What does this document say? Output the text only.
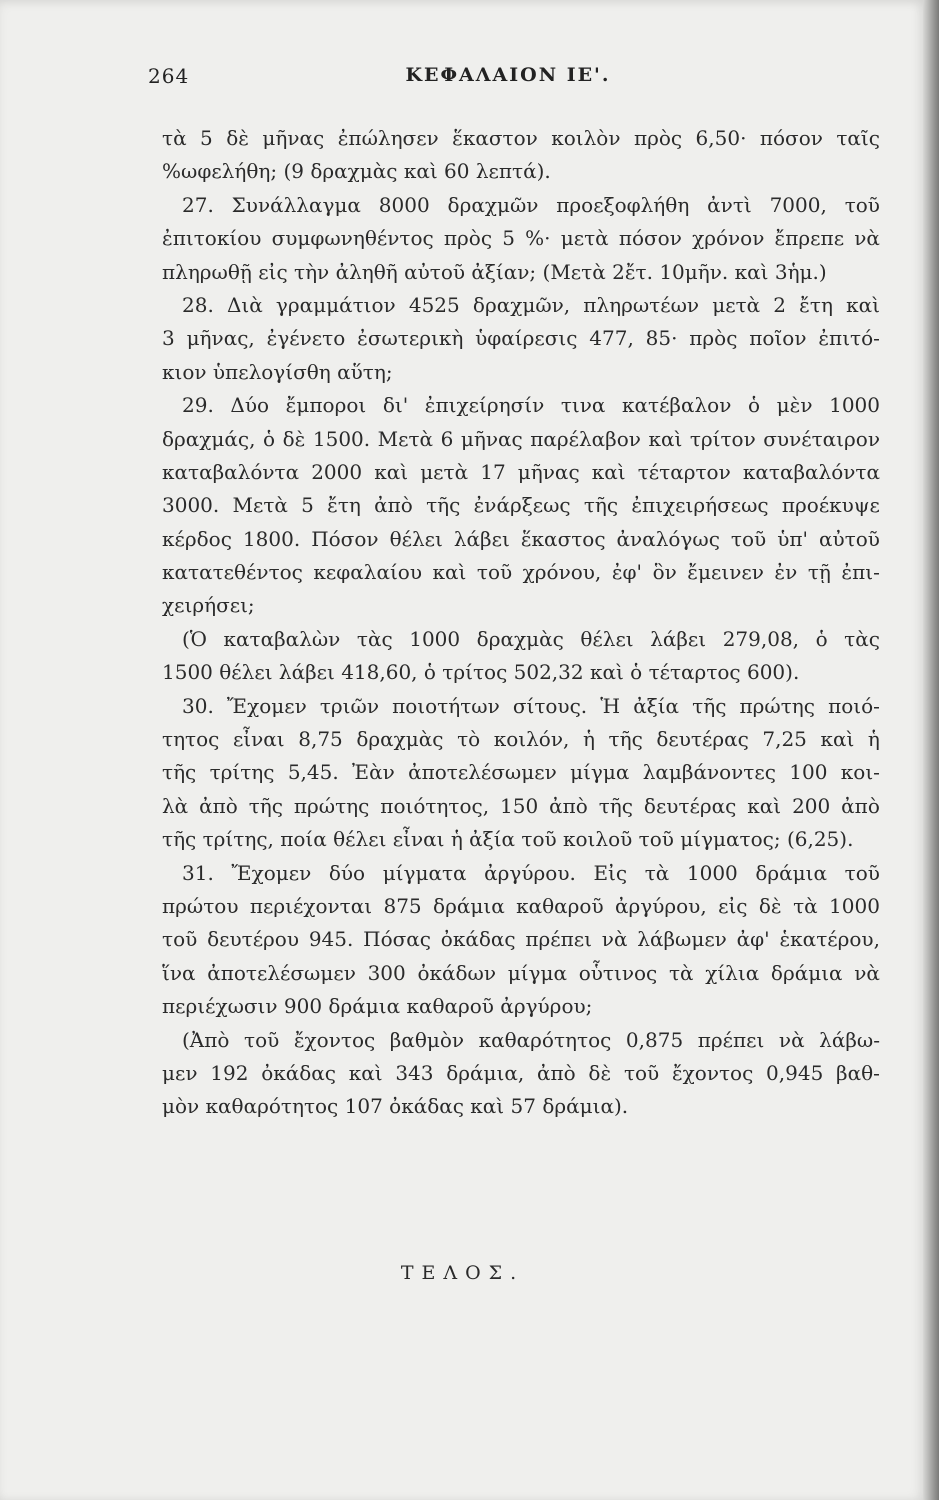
264	ΚΕΦΑΛΑΙΟΝ ΙΕ'.
τὰ 5 δὲ μῆνας ἐπώλησεν ἕκαστον κοιλὸν πρὸς 6,50· πόσον ταῖς
%ωφελήθη; (9 δραχμὰς καὶ 60 λεπτά).
27. Συνάλλαγμα 8000 δραχμῶν προεξοφλήθη ἀντὶ 7000, τοῦ
ἐπιτοκίου συμφωνηθέντος πρὸς 5 %· μετὰ πόσον χρόνον ἔπρεπε νὰ
πληρωθῇ εἰς τὴν ἀληθῆ αὐτοῦ ἀξίαν; (Μετὰ 2ἔτ. 10μῆν. καὶ 3ἡμ.)
28. Διὰ γραμμάτιον 4525 δραχμῶν, πληρωτέων μετὰ 2 ἔτη καὶ
3 μῆνας, ἐγένετο ἐσωτερικὴ ὑφαίρεσις 477, 85· πρὸς ποῖον ἐπιτό-
κιον ὑπελογίσθη αὕτη;
29. Δύο ἔμποροι δι' ἐπιχείρησίν τινα κατέβαλον ὁ μὲν 1000
δραχμάς, ὁ δὲ 1500. Μετὰ 6 μῆνας παρέλαβον καὶ τρίτον συνέταιρον
καταβαλόντα 2000 καὶ μετὰ 17 μῆνας καὶ τέταρτον καταβαλόντα
3000. Μετὰ 5 ἔτη ἀπὸ τῆς ἐνάρξεως τῆς ἐπιχειρήσεως προέκυψε
κέρδος 1800. Πόσον θέλει λάβει ἕκαστος ἀναλόγως τοῦ ὑπ' αὐτοῦ
κατατεθέντος κεφαλαίου καὶ τοῦ χρόνου, ἐφ' ὃν ἔμεινεν ἐν τῇ ἐπι-
χειρήσει;
(Ὁ καταβαλὼν τὰς 1000 δραχμὰς θέλει λάβει 279,08, ὁ τὰς
1500 θέλει λάβει 418,60, ὁ τρίτος 502,32 καὶ ὁ τέταρτος 600).
30. Ἔχομεν τριῶν ποιοτήτων σίτους. Ἡ ἀξία τῆς πρώτης ποιό-
τητος εἶναι 8,75 δραχμὰς τὸ κοιλόν, ἡ τῆς δευτέρας 7,25 καὶ ἡ
τῆς τρίτης 5,45. Ἐὰν ἀποτελέσωμεν μίγμα λαμβάνοντες 100 κοι-
λὰ ἀπὸ τῆς πρώτης ποιότητος, 150 ἀπὸ τῆς δευτέρας καὶ 200 ἀπὸ
τῆς τρίτης, ποία θέλει εἶναι ἡ ἀξία τοῦ κοιλοῦ τοῦ μίγματος; (6,25).
31. Ἔχομεν δύο μίγματα ἀργύρου. Εἰς τὰ 1000 δράμια τοῦ
πρώτου περιέχονται 875 δράμια καθαροῦ ἀργύρου, εἰς δὲ τὰ 1000
τοῦ δευτέρου 945. Πόσας ὀκάδας πρέπει νὰ λάβωμεν ἀφ' ἑκατέρου,
ἵνα ἀποτελέσωμεν 300 ὀκάδων μίγμα οὗτινος τὰ χίλια δράμια νὰ
περιέχωσιν 900 δράμια καθαροῦ ἀργύρου;
(Ἀπὸ τοῦ ἔχοντος βαθμὸν καθαρότητος 0,875 πρέπει νὰ λάβω-
μεν 192 ὀκάδας καὶ 343 δράμια, ἀπὸ δὲ τοῦ ἔχοντος 0,945 βαθ-
μὸν καθαρότητος 107 ὀκάδας καὶ 57 δράμια).
ΤΕΛΟΣ.
